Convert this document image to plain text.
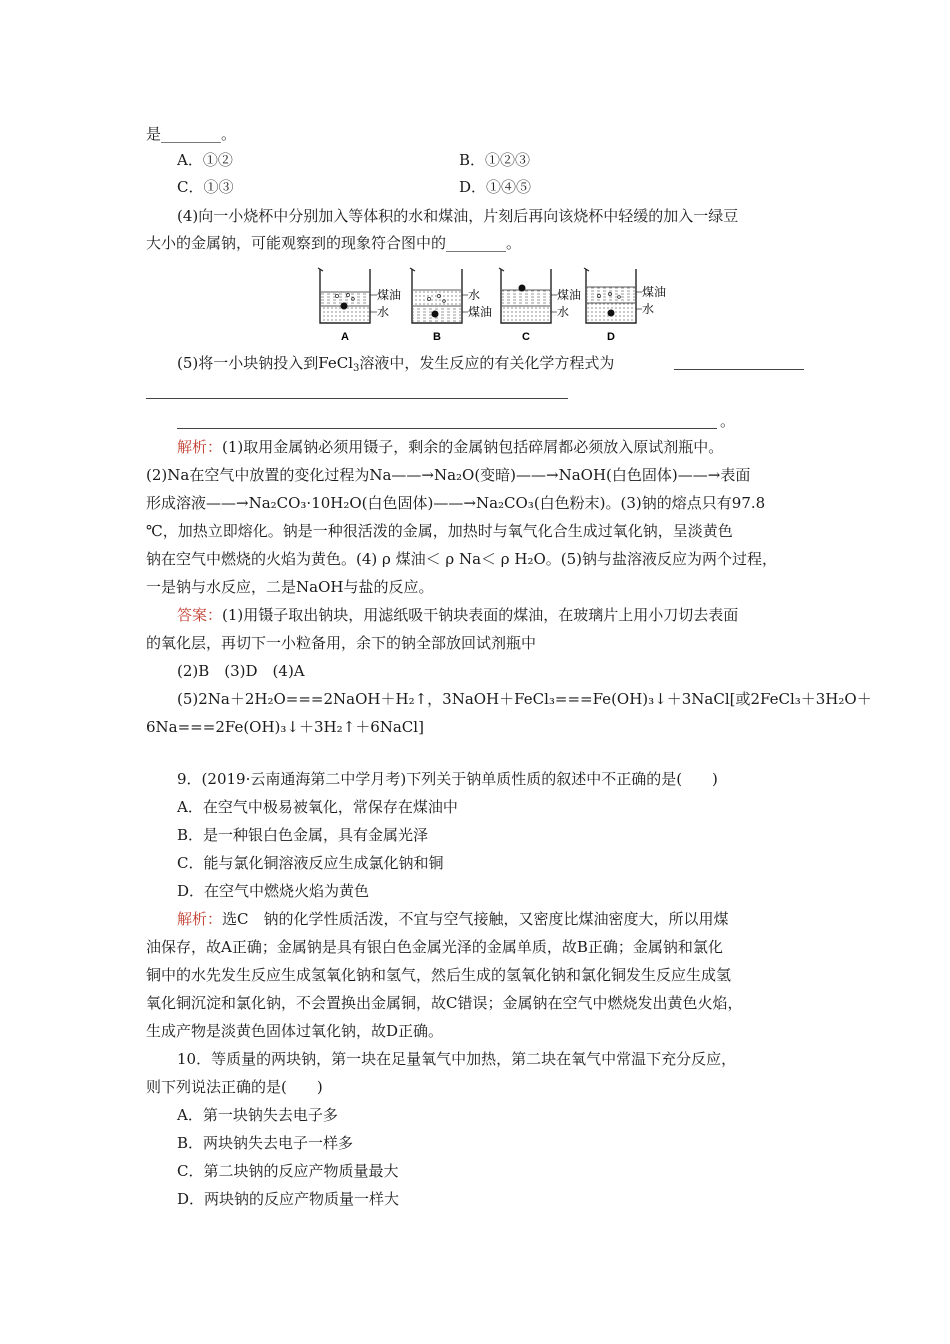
是________。
A．①②	B．①②③
C．①③	D．①④⑤
(4)向一小烧杯中分别加入等体积的水和煤油，片刻后再向该烧杯中轻缓的加入一绿豆
大小的金属钠，可能观察到的现象符合图中的________。
煤油
水
A
水
煤油
B
煤油
水
C
煤油
水
D
(5)将一小块钠投入到FeCl$_3$溶液中，发生反应的有关化学方程式为
。
解析：(1)取用金属钠必须用镊子，剩余的金属钠包括碎屑都必须放入原试剂瓶中。
(2)Na在空气中放置的变化过程为Na——→Na₂O(变暗)——→NaOH(白色固体)——→表面
形成溶液——→Na₂CO₃·10H₂O(白色固体)——→Na₂CO₃(白色粉末)。(3)钠的熔点只有97.8
℃，加热立即熔化。钠是一种很活泼的金属，加热时与氧气化合生成过氧化钠，呈淡黄色
钠在空气中燃烧的火焰为黄色。(4) ρ 煤油＜ ρ Na＜ ρ H₂O。(5)钠与盐溶液反应为两个过程，
一是钠与水反应，二是NaOH与盐的反应。
答案：(1)用镊子取出钠块，用滤纸吸干钠块表面的煤油，在玻璃片上用小刀切去表面
的氧化层，再切下一小粒备用，余下的钠全部放回试剂瓶中
(2)B　(3)D　(4)A
(5)2Na＋2H₂O===2NaOH＋H₂↑，3NaOH＋FeCl₃===Fe(OH)₃↓＋3NaCl[或2FeCl₃＋3H₂O＋
6Na===2Fe(OH)₃↓＋3H₂↑＋6NaCl]
9．(2019·云南通海第二中学月考)下列关于钠单质性质的叙述中不正确的是(　　)
A．在空气中极易被氧化，常保存在煤油中
B．是一种银白色金属，具有金属光泽
C．能与氯化铜溶液反应生成氯化钠和铜
D．在空气中燃烧火焰为黄色
解析：选C　钠的化学性质活泼，不宜与空气接触，又密度比煤油密度大，所以用煤
油保存，故A正确；金属钠是具有银白色金属光泽的金属单质，故B正确；金属钠和氯化
铜中的水先发生反应生成氢氧化钠和氢气，然后生成的氢氧化钠和氯化铜发生反应生成氢
氧化铜沉淀和氯化钠，不会置换出金属铜，故C错误；金属钠在空气中燃烧发出黄色火焰，
生成产物是淡黄色固体过氧化钠，故D正确。
10．等质量的两块钠，第一块在足量氧气中加热，第二块在氧气中常温下充分反应，
则下列说法正确的是(　　)
A．第一块钠失去电子多
B．两块钠失去电子一样多
C．第二块钠的反应产物质量最大
D．两块钠的反应产物质量一样大
